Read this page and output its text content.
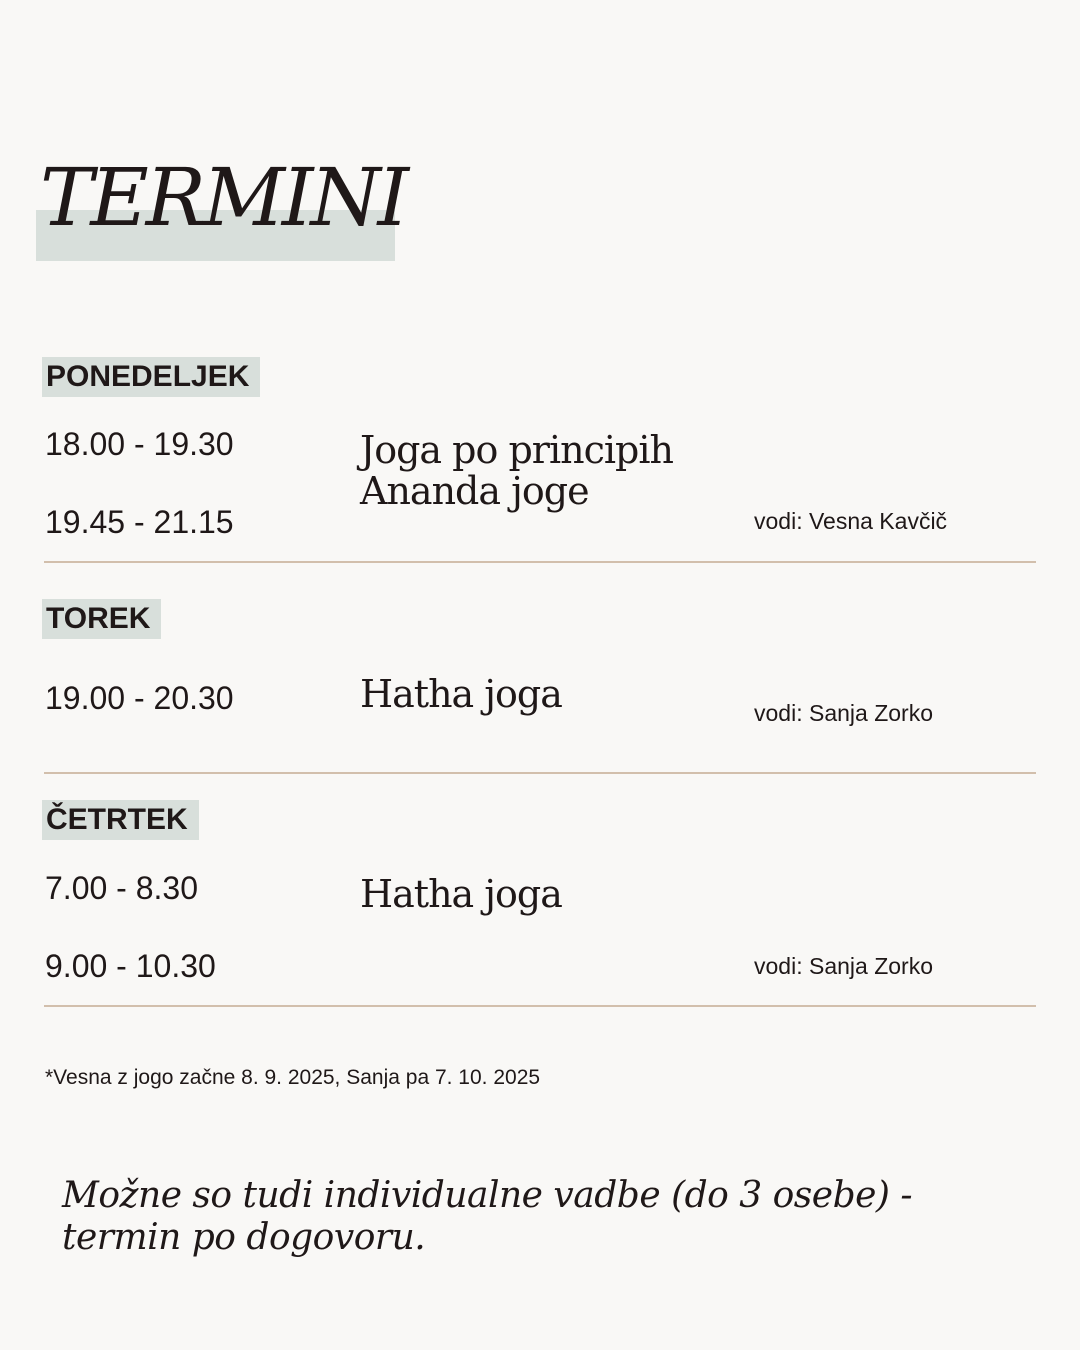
TERMINI
PONEDELJEK
18.00 - 19.30
19.45 - 21.15
Joga po principih
Ananda joge
vodi: Vesna Kavčič
TOREK
19.00 - 20.30	Hatha joga	vodi: Sanja Zorko
ČETRTEK
7.00 - 8.30
9.00 - 10.30
Hatha joga
vodi: Sanja Zorko
*Vesna z jogo začne 8. 9. 2025, Sanja pa 7. 10. 2025
Možne so tudi individualne vadbe (do 3 osebe) -
termin po dogovoru.
